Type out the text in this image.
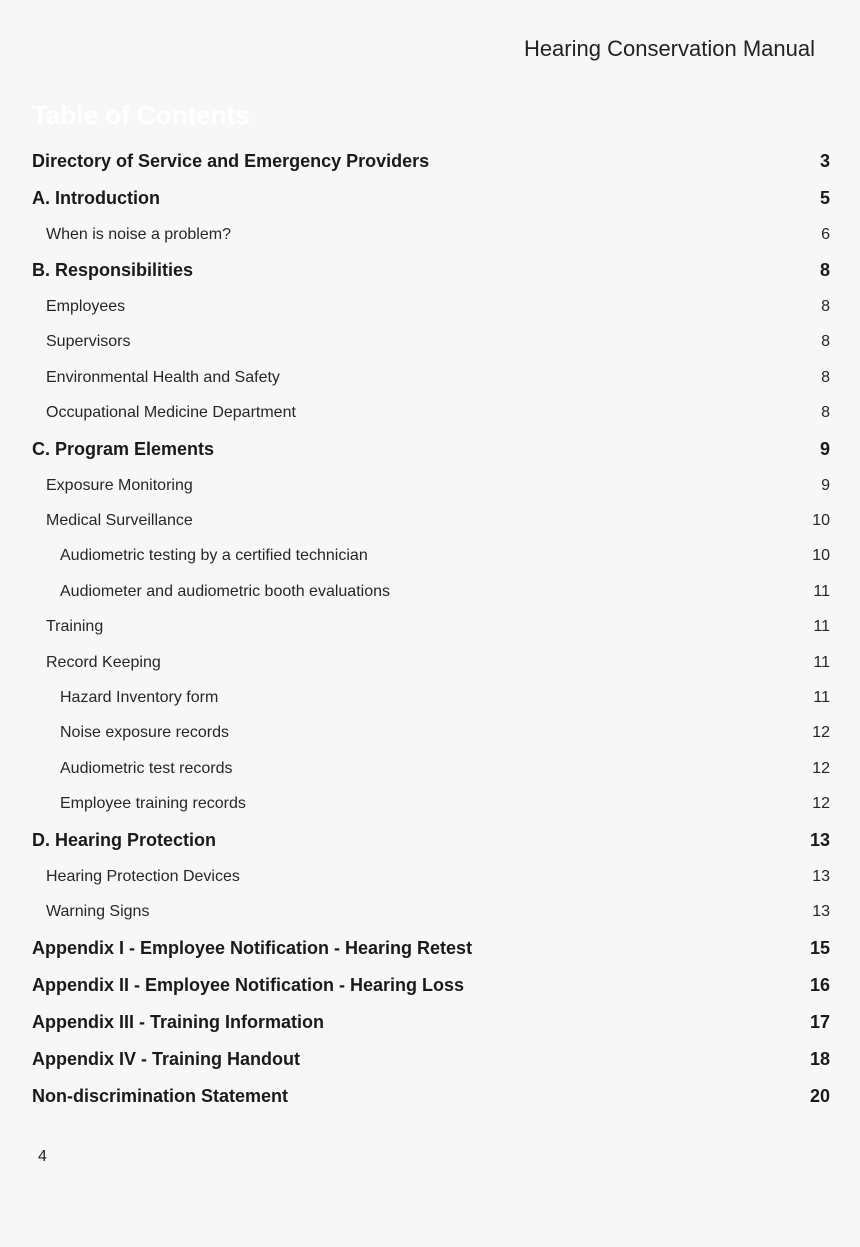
Hearing Conservation Manual
Table of Contents
Directory of Service and Emergency Providers	3
A. Introduction	5
When is noise a problem?	6
B. Responsibilities	8
Employees	8
Supervisors	8
Environmental Health and Safety	8
Occupational Medicine Department	8
C. Program Elements	9
Exposure Monitoring	9
Medical Surveillance	10
Audiometric testing by a certified technician	10
Audiometer and audiometric booth evaluations	11
Training	11
Record Keeping	11
Hazard Inventory form	11
Noise exposure records	12
Audiometric test records	12
Employee training records	12
D. Hearing Protection	13
Hearing Protection Devices	13
Warning Signs	13
Appendix I - Employee Notification - Hearing Retest	15
Appendix II - Employee Notification - Hearing Loss	16
Appendix III - Training Information	17
Appendix IV - Training Handout	18
Non-discrimination Statement	20
4
